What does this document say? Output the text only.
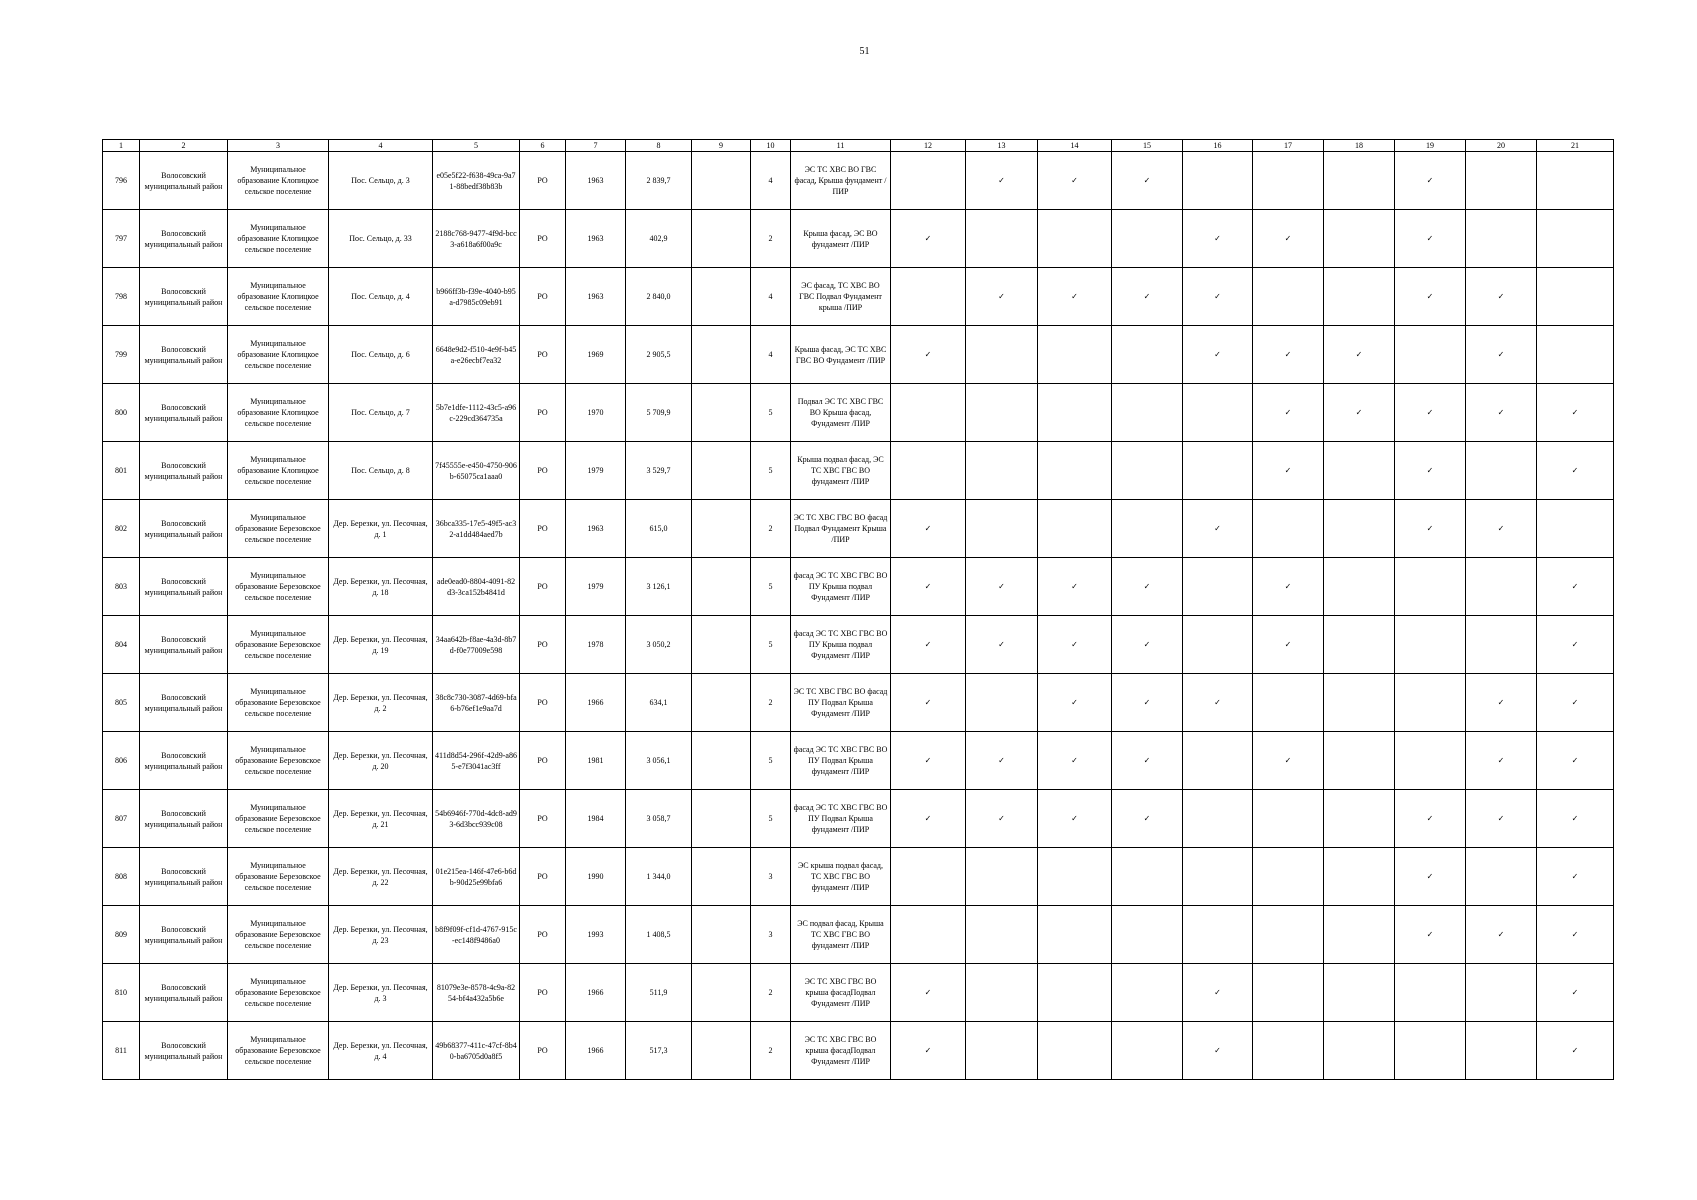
51
1	2	3	4	5	6	7	8	9	10	11	12	13	14	15	16	17	18	19	20	21
796	Волосовский муниципальный район	Муниципальное образование Клопицкое сельское поселение	Пос. Сельцо, д. 3	e05e5f22-f638-49ca-9a71-88bedf38b83b	РО	1963	2 839,7		4	ЭС ТС ХВС ВО ГВС фасад, Крыша фундамент /ПИР		✓	✓	✓				✓		
797	Волосовский муниципальный район	Муниципальное образование Клопицкое сельское поселение	Пос. Сельцо, д. 33	2188c768-9477-4f9d-bcc3-a618a6f00a9c	РО	1963	402,9		2	Крыша фасад, ЭС ВО фундамент /ПИР	✓				✓	✓		✓		
798	Волосовский муниципальный район	Муниципальное образование Клопицкое сельское поселение	Пос. Сельцо, д. 4	b966ff3b-f39e-4040-b95a-d7985c09eb91	РО	1963	2 840,0		4	ЭС фасад, ТС ХВС ВО ГВС Подвал Фундамент крыша /ПИР		✓	✓	✓	✓			✓	✓	
799	Волосовский муниципальный район	Муниципальное образование Клопицкое сельское поселение	Пос. Сельцо, д. 6	6648e9d2-f510-4e9f-b45a-e26ecbf7ea32	РО	1969	2 905,5		4	Крыша фасад, ЭС ТС ХВС ГВС ВО Фундамент /ПИР	✓				✓	✓	✓		✓	
800	Волосовский муниципальный район	Муниципальное образование Клопицкое сельское поселение	Пос. Сельцо, д. 7	5b7e1dfe-1112-43c5-a96c-229cd364735a	РО	1970	5 709,9		5	Подвал ЭС ТС ХВС ГВС ВО Крыша фасад, Фундамент /ПИР						✓	✓	✓	✓	✓
801	Волосовский муниципальный район	Муниципальное образование Клопицкое сельское поселение	Пос. Сельцо, д. 8	7f45555e-e450-4750-906b-65075ca1aaa0	РО	1979	3 529,7		5	Крыша подвал фасад, ЭС ТС ХВС ГВС ВО фундамент /ПИР						✓		✓		✓
802	Волосовский муниципальный район	Муниципальное образование Березовское сельское поселение	Дер. Березки, ул. Песочная, д. 1	36bca335-17e5-49f5-ac32-a1dd484aed7b	РО	1963	615,0		2	ЭС ТС ХВС ГВС ВО фасад Подвал Фундамент Крыша /ПИР	✓				✓			✓	✓	
803	Волосовский муниципальный район	Муниципальное образование Березовское сельское поселение	Дер. Березки, ул. Песочная, д. 18	ade0ead0-8804-4091-82d3-3ca152b4841d	РО	1979	3 126,1		5	фасад ЭС ТС ХВС ГВС ВО ПУ Крыша подвал Фундамент /ПИР	✓	✓	✓	✓		✓				✓
804	Волосовский муниципальный район	Муниципальное образование Березовское сельское поселение	Дер. Березки, ул. Песочная, д. 19	34aa642b-f8ae-4a3d-8b7d-f0e77009e598	РО	1978	3 050,2		5	фасад ЭС ТС ХВС ГВС ВО ПУ Крыша подвал Фундамент /ПИР	✓	✓	✓	✓		✓				✓
805	Волосовский муниципальный район	Муниципальное образование Березовское сельское поселение	Дер. Березки, ул. Песочная, д. 2	38c8c730-3087-4d69-bfa6-b76ef1e9aa7d	РО	1966	634,1		2	ЭС ТС ХВС ГВС ВО фасад ПУ Подвал Крыша Фундамент /ПИР	✓		✓	✓	✓				✓	✓
806	Волосовский муниципальный район	Муниципальное образование Березовское сельское поселение	Дер. Березки, ул. Песочная, д. 20	411d8d54-296f-42d9-a865-e7f3041ac3ff	РО	1981	3 056,1		5	фасад ЭС ТС ХВС ГВС ВО ПУ Подвал Крыша фундамент /ПИР	✓	✓	✓	✓		✓			✓	✓
807	Волосовский муниципальный район	Муниципальное образование Березовское сельское поселение	Дер. Березки, ул. Песочная, д. 21	54b6946f-770d-4dc8-ad93-6d3bcc939c08	РО	1984	3 058,7		5	фасад ЭС ТС ХВС ГВС ВО ПУ Подвал Крыша фундамент /ПИР	✓	✓	✓	✓				✓	✓	✓
808	Волосовский муниципальный район	Муниципальное образование Березовское сельское поселение	Дер. Березки, ул. Песочная, д. 22	01e215ea-146f-47e6-b6db-90d25e99bfa6	РО	1990	1 344,0		3	ЭС крыша подвал фасад, ТС ХВС ГВС ВО фундамент /ПИР								✓		✓
809	Волосовский муниципальный район	Муниципальное образование Березовское сельское поселение	Дер. Березки, ул. Песочная, д. 23	b8f9f09f-cf1d-4767-915c-ec148f9486a0	РО	1993	1 408,5		3	ЭС подвал фасад, Крыша ТС ХВС ГВС ВО фундамент /ПИР								✓	✓	✓
810	Волосовский муниципальный район	Муниципальное образование Березовское сельское поселение	Дер. Березки, ул. Песочная, д. 3	81079e3e-8578-4c9a-8254-bf4a432a5b6e	РО	1966	511,9		2	ЭС ТС ХВС ГВС ВО крыша фасадПодвал Фундамент /ПИР	✓				✓					✓
811	Волосовский муниципальный район	Муниципальное образование Березовское сельское поселение	Дер. Березки, ул. Песочная, д. 4	49b68377-411c-47cf-8b40-ba6705d0a8f5	РО	1966	517,3		2	ЭС ТС ХВС ГВС ВО крыша фасадПодвал Фундамент /ПИР	✓				✓					✓
